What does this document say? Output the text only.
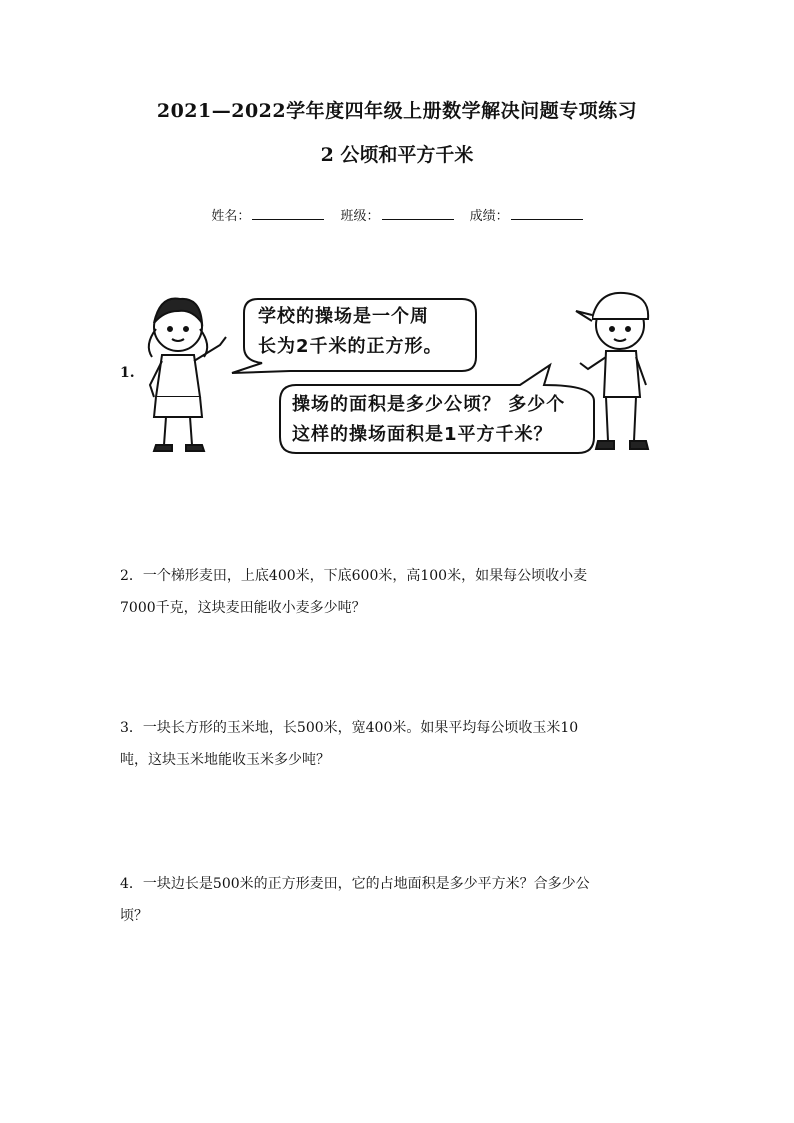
2021—2022学年度四年级上册数学解决问题专项练习
2 公顷和平方千米
姓名：	班级：	成绩：
1.
学校的操场是一个周
长为2千米的正方形。
操场的面积是多少公顷？ 多少个
这样的操场面积是1平方千米？
2．一个梯形麦田，上底400米，下底600米，高100米，如果每公顷收小麦
7000千克，这块麦田能收小麦多少吨？
3．一块长方形的玉米地，长500米，宽400米。如果平均每公顷收玉米10
吨，这块玉米地能收玉米多少吨？
4．一块边长是500米的正方形麦田，它的占地面积是多少平方米？合多少公
顷？
